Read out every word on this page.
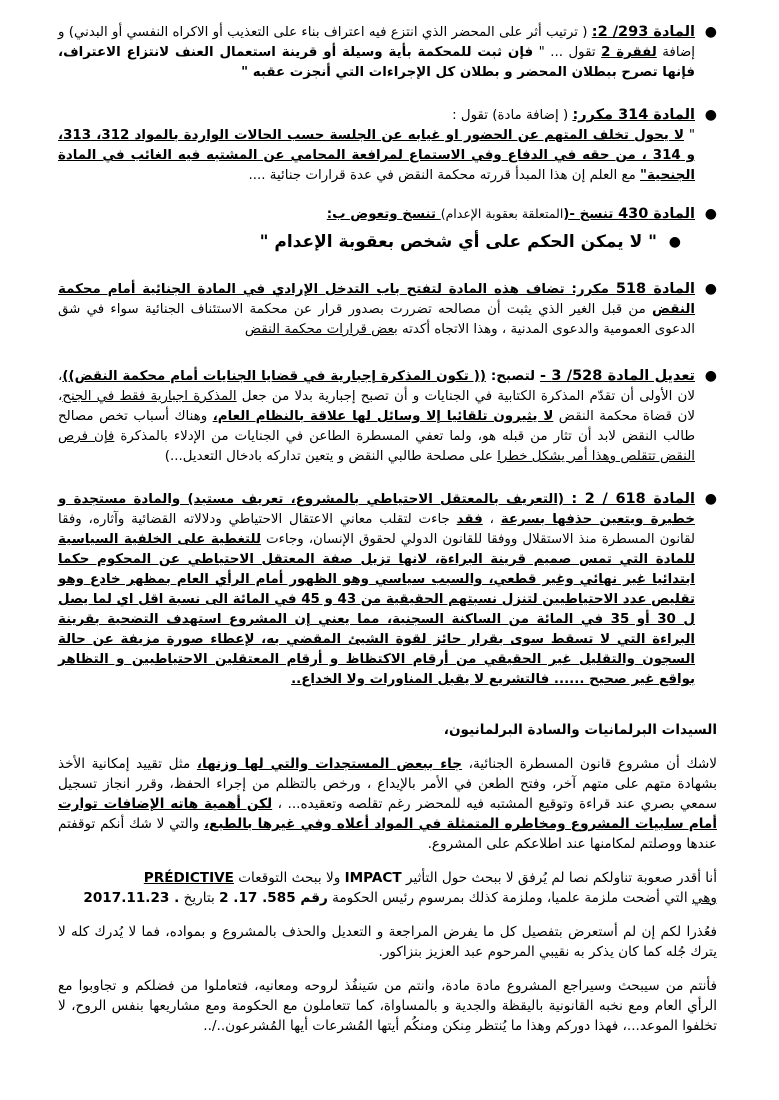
● المادة 293/ 2: ( ترتيب أثر على المحضر الذي انتزع فيه اعتراف بناء على التعذيب أو الاكراه النفسي أو البدني) و إضافة لفقرة 2 تقول ... " فإن ثبت للمحكمة بأية وسيلة أو قرينة استعمال العنف لانتزاع الاعتراف، فإنها تصرح ببطلان المحضر و بطلان كل الإجراءات التي أنجزت عقبه "
● المادة 314 مكرر: ( إضافة مادة) تقول :
" لا يحول تخلف المتهم عن الحضور او غيابه عن الجلسة حسب الحالات الواردة بالمواد 312، 313، و 314 ، من حقه في الدفاع وفي الاستماع لمرافعة المحامي عن المشتبه فيه الغائب في المادة الجنحية" مع العلم إن هذا المبدأ قررته محكمة النقض في عدة قرارات جنائية ....
● المادة 430 تنسخ -(المتعلقة بعقوبة الإعدام) تنسخ وتعوض ب:
● " لا يمكن الحكم على أي شخص بعقوبة الإعدام "
● المادة 518 مكرر: تضاف هذه المادة لتفتح باب التدخل الإرادي في المادة الجنائية أمام محكمة النقض من قبل الغير الذي يثبت أن مصالحه تضررت بصدور قرار عن محكمة الاستئناف الجنائية سواء في شق الدعوى العمومية والدعوى المدنية ، وهذا الاتجاه أكدته بعض قرارات محكمة النقض
● تعديل المادة 528/ 3 - لتصبح: (( تكون المذكرة إجبارية في قضايا الجنايات أمام محكمة النقض))، لان الأولى أن تقدّم المذكرة الكتابية في الجنايات و أن تصبح إجبارية بدلا من جعل المذكرة اجبارية فقط في الجنح، لان قضاة محكمة النقض لا يثيرون تلقائيا إلا وسائل لها علاقة بالنظام العام، وهناك أسباب تخص مصالح طالب النقض لابد أن تثار من قبله هو، ولما تعفي المسطرة الطاعن في الجنايات من الإدلاء بالمذكرة فإن فرص النقض تتقلص وهذا أمر يشكل خطرا على مصلحة طالبي النقض و يتعين تداركه بادخال التعديل...)
● المادة 618 / 2 : (التعريف بالمعتقل الاحتياطي بالمشروع، تعريف مستبد) والمادة مستجدة و خطيرة ويتعين حذفها بسرعة ، فقد جاءت لتقلب معاني الاعتقال الاحتياطي ودلالاته القضائية وآثاره، وفقا لقانون المسطرة منذ الاستقلال ووفقا للقانون الدولي لحقوق الإنسان، وجاءت للتغطية على الخلفية السياسية للمادة التي تمس صميم قرينة البراءة، لانها تزيل صفة المعتقل الاحتياطي عن المحكوم حكما ابتدائيا غير نهائي وغير قطعي، والسبب سياسي وهو الظهور أمام الرأي العام بمظهر خادع وهو تقليص عدد الاحتياطيين لتنزل نسبتهم الحقيقية من 43 و 45 في المائة الى نسبة اقل اي لما يصل ل 30 أو 35 في المائة من الساكنة السجنية، مما يعني إن المشروع استهدف التضحية بقرينة البراءة التي لا تسقط سوى بقرار حائز لقوة الشيئ المقضي به، لإعطاء صورة مزيفة عن حالة السجون والتقليل غير الحقيقي من أرقام الاكتظاظ و أرقام المعتقلين الاحتياطيين و التظاهر بواقع غير صحيح ...... فالتشريع لا يقبل المناورات ولا الخداع..

السيدات البرلمانيات والسادة البرلمانيون،

لاشك أن مشروع قانون المسطرة الجنائية، جاء ببعض المستجدات والتي لها وزنها، مثل تقييد إمكانية الأخذ بشهادة متهم على متهم آخر، وفتح الطعن في الأمر بالإيداع ، ورخص بالتظلم من إجراء الحفظ، وقرر انجاز تسجيل سمعي بصري عند قراءة وتوقيع المشتبه فيه للمحضر رغم تقلصه وتعقيده... ، لكن أهمية هاته الإضافات توارت أمام سلبيات المشروع ومخاطره المتمثلة في المواد أعلاه وفي غيرها بالطبع، والتي لا شك أنكم توقفتم عندها ووصلتم لمكامنها عند اطلاعكم على المشروع.

أنا أقدر صعوبة تناولكم نصا لم يُرفق لا ببحث حول التأثير IMPACT ولا ببحث التوقعات PRÉDICTIVE
وهي التي أضحت ملزمة علميا، وملزمة كذلك بمرسوم رئيس الحكومة رقم 585. 17. 2 بتاريخ 2017.11.23 .

فعُذرا لكم إن لم أستعرض بتفصيل كل ما يفرض المراجعة و التعديل والحذف بالمشروع و بمواده، فما لا يُدرك كله لا يترك جُله كما كان يذكر به نقيبي المرحوم عبد العزيز بنزاكور.

فأنتم من سيبحث وسيراجع المشروع مادة مادة، وانتم من سَينفُذ لروحه ومعانيه، فتعاملوا من فضلكم و تجاوبوا مع الرأي العام ومع نخبه القانونية باليقظة والجدية و بالمساواة، كما تتعاملون مع الحكومة ومع مشاريعها بنفس الروح، لا تخلفوا الموعد...، فهذا دوركم وهذا ما يُنتظر مِنكن ومنكُم أيتها المُشرعات أيها المُشرعون../..
